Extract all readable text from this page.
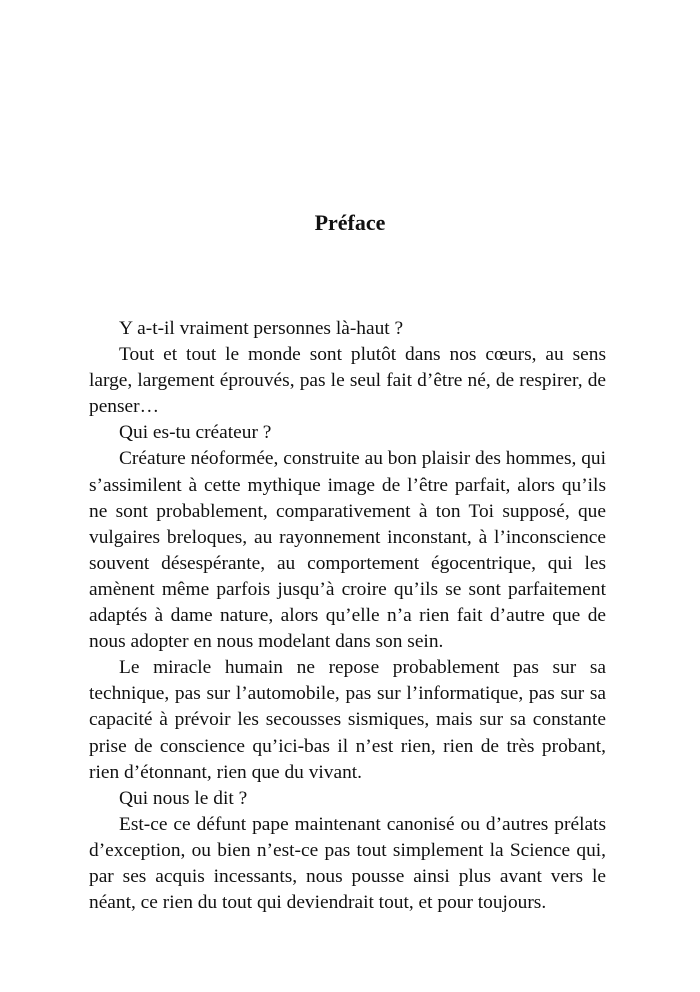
Préface

Y a-t-il vraiment personnes là-haut ?

Tout et tout le monde sont plutôt dans nos cœurs, au sens large, largement éprouvés, pas le seul fait d’être né, de respirer, de penser…

Qui es-tu créateur ?

Créature néoformée, construite au bon plaisir des hommes, qui s’assimilent à cette mythique image de l’être parfait, alors qu’ils ne sont probablement, comparativement à ton Toi supposé, que vulgaires breloques, au rayonnement inconstant, à l’inconscience souvent désespérante, au comportement égocentrique, qui les amènent même parfois jusqu’à croire qu’ils se sont parfaitement adaptés à dame nature, alors qu’elle n’a rien fait d’autre que de nous adopter en nous modelant dans son sein.

Le miracle humain ne repose probablement pas sur sa technique, pas sur l’automobile, pas sur l’informatique, pas sur sa capacité à prévoir les secousses sismiques, mais sur sa constante prise de conscience qu’ici-bas il n’est rien, rien de très probant, rien d’étonnant, rien que du vivant.

Qui nous le dit ?

Est-ce ce défunt pape maintenant canonisé ou d’autres prélats d’exception, ou bien n’est-ce pas tout simplement la Science qui, par ses acquis incessants, nous pousse ainsi plus avant vers le néant, ce rien du tout qui deviendrait tout, et pour toujours.
